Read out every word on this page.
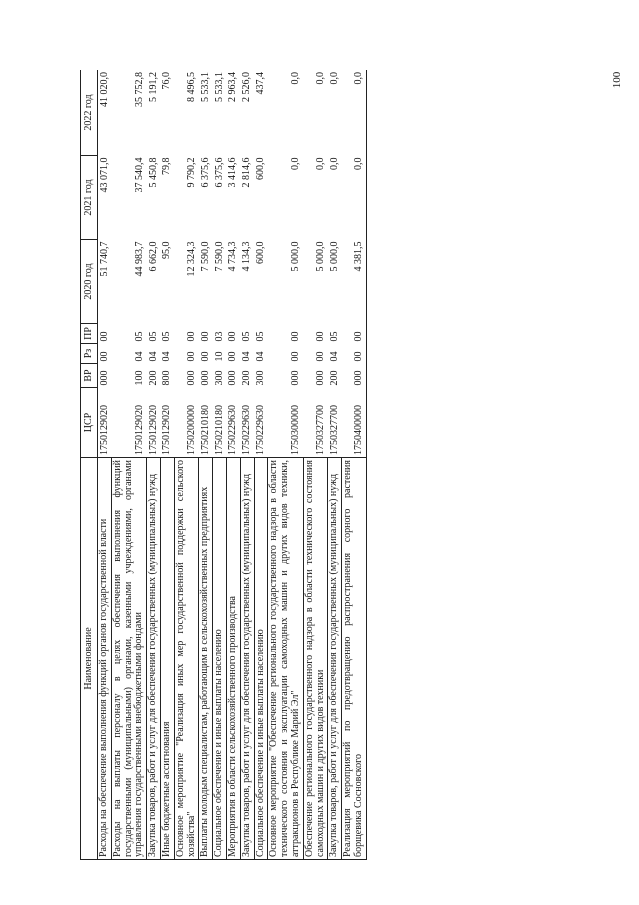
100
Наименование	ЦСР	ВР	Рз	ПР	2020 год	2021 год	2022 год
Расходы на обеспечение выполнения функций органов государственной власти	1750129020	000	00	00	51 740,7	43 071,0	41 020,0
Расходы на выплаты персоналу в целях обеспечения выполнения функций государственными (муниципальными) органами, казенными учреждениями, органами управления государственными внебюджетными фондами	1750129020	100	04	05	44 983,7	37 540,4	35 752,8
Закупка товаров, работ и услуг для обеспечения государственных (муниципальных) нужд	1750129020	200	04	05	6 662,0	5 450,8	5 191,2
Иные бюджетные ассигнования	1750129020	800	04	05	95,0	79,8	76,0
Основное мероприятие "Реализация иных мер государственной поддержки сельского хозяйства"	1750200000	000	00	00	12 324,3	9 790,2	8 496,5
Выплаты молодым специалистам, работающим в сельскохозяйственных предприятиях	1750210180	000	00	00	7 590,0	6 375,6	5 533,1
Социальное обеспечение и иные выплаты населению	1750210180	300	10	03	7 590,0	6 375,6	5 533,1
Мероприятия в области сельскохозяйственного производства	1750229630	000	00	00	4 734,3	3 414,6	2 963,4
Закупка товаров, работ и услуг для обеспечения государственных (муниципальных) нужд	1750229630	200	04	05	4 134,3	2 814,6	2 526,0
Социальное обеспечение и иные выплаты населению	1750229630	300	04	05	600,0	600,0	437,4
Основное мероприятие "Обеспечение регионального государственного надзора в области технического состояния и эксплуатации самоходных машин и других видов техники, аттракционов в Республике Марий Эл"	1750300000	000	00	00	5 000,0	0,0	0,0
Обеспечение регионального государственного надзора в области технического состояния самоходных машин и других видов техники	1750327700	000	00	00	5 000,0	0,0	0,0
Закупка товаров, работ и услуг для обеспечения государственных (муниципальных) нужд	1750327700	200	04	05	5 000,0	0,0	0,0
Реализация мероприятий по предотвращению распространения сорного растения борщевика Сосновского	1750400000	000	00	00	4 381,5	0,0	0,0
